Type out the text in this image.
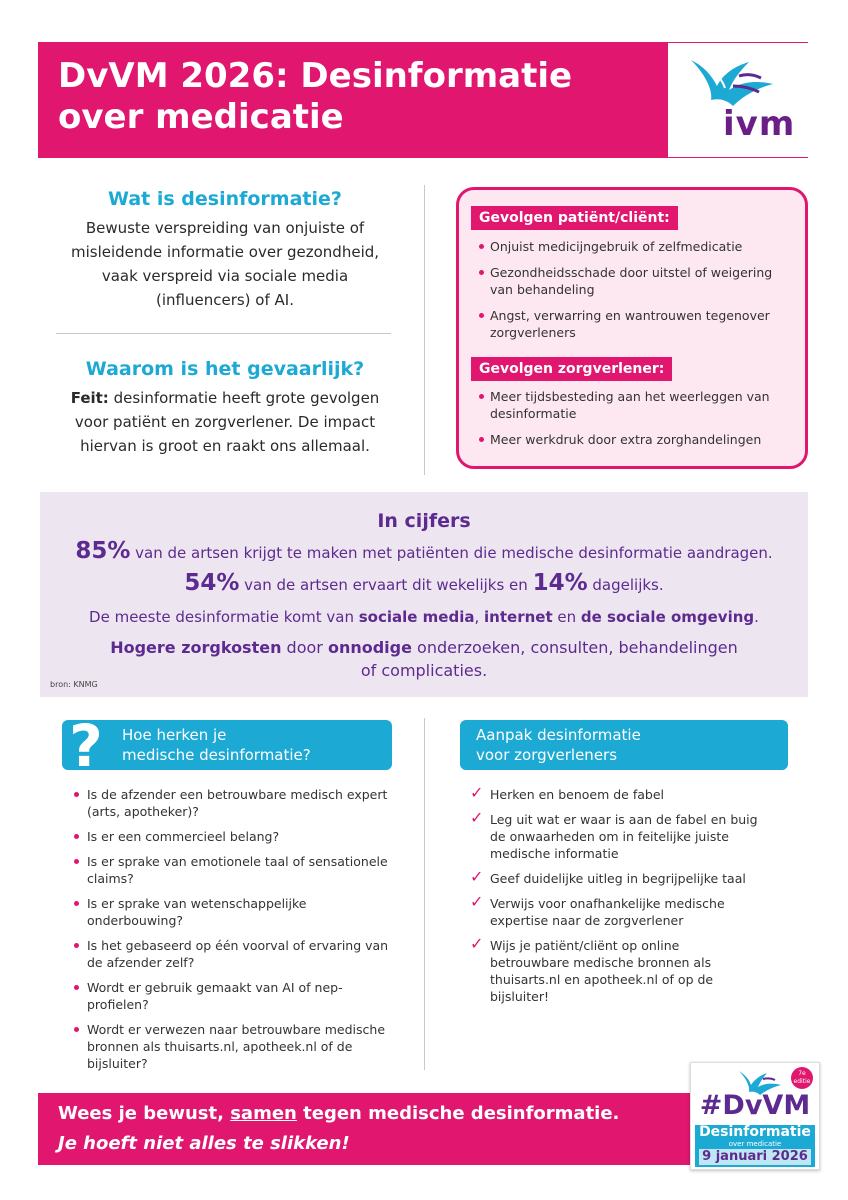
DvVM 2026: Desinformatie
over medicatie	ivm
Wat is desinformatie?
Bewuste verspreiding van onjuiste of misleidende informatie over gezondheid, vaak verspreid via sociale media (influencers) of AI.
Waarom is het gevaarlijk?
Feit: desinformatie heeft grote gevolgen voor patiënt en zorgverlener. De impact hiervan is groot en raakt ons allemaal.
Gevolgen patiënt/cliënt:
Onjuist medicijngebruik of zelfmedicatie
Gezondheidsschade door uitstel of weigering van behandeling
Angst, verwarring en wantrouwen tegenover zorgverleners
Gevolgen zorgverlener:
Meer tijdsbesteding aan het weerleggen van desinformatie
Meer werkdruk door extra zorghandelingen
In cijfers
85% van de artsen krijgt te maken met patiënten die medische desinformatie aandragen.
54% van de artsen ervaart dit wekelijks en 14% dagelijks.
De meeste desinformatie komt van sociale media, internet en de sociale omgeving.
Hogere zorgkosten door onnodige onderzoeken, consulten, behandelingen
of complicaties.
bron: KNMG
Hoe herken je
medische desinformatie?
?
Is de afzender een betrouwbare medisch expert (arts, apotheker)?
Is er een commercieel belang?
Is er sprake van emotionele taal of sensationele claims?
Is er sprake van wetenschappelijke onderbouwing?
Is het gebaseerd op één voorval of ervaring van de afzender zelf?
Wordt er gebruik gemaakt van AI of nep-profielen?
Wordt er verwezen naar betrouwbare medische bronnen als thuisarts.nl, apotheek.nl of de bijsluiter?
Aanpak desinformatie
voor zorgverleners	✓
✓ Herken en benoem de fabel
✓ Leg uit wat er waar is aan de fabel en buig de onwaarheden om in feitelijke juiste medische informatie
✓ Geef duidelijke uitleg in begrijpelijke taal
✓ Verwijs voor onafhankelijke medische expertise naar de zorgverlener
✓ Wijs je patiënt/cliënt op online betrouwbare medische bronnen als thuisarts.nl en apotheek.nl of op de bijsluiter!
Wees je bewust, samen tegen medische desinformatie.
Je hoeft niet alles te slikken!
7e
editie
#DvVM
Desinformatie
over medicatie
9 januari 2026
